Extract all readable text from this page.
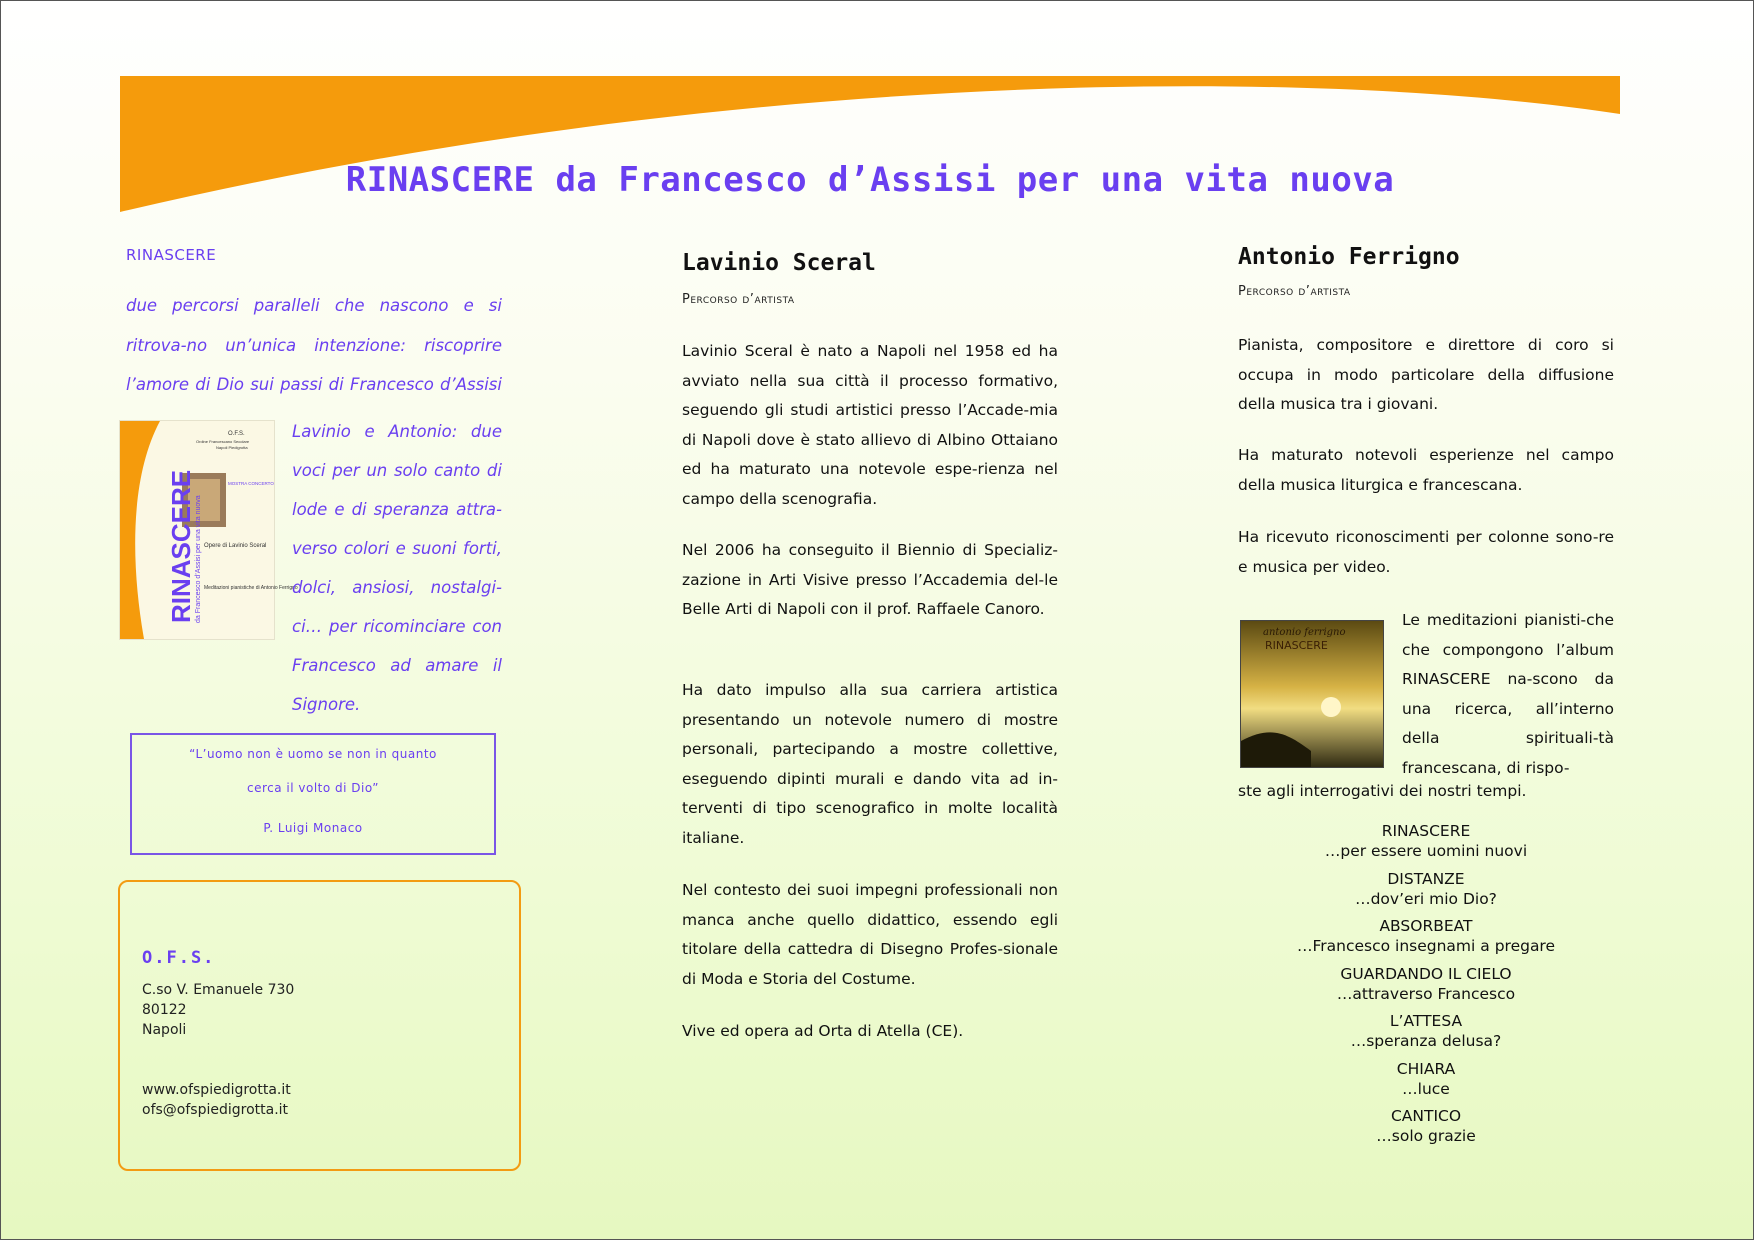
RINASCERE da Francesco d’Assisi per una vita nuova
RINASCERE

due percorsi paralleli che nascono e si ritrova-no un’unica intenzione: riscoprire l’amore di Dio sui passi di Francesco d’Assisi

RINASCERE da Francesco d’Assisi per una vita nuova
O.F.S.
Ordine Francescano Secolare
Napoli Piedigrotta
MOSTRA CONCERTO
Opere di Lavinio Sceral
Meditazioni pianistiche di Antonio Ferrigno

Lavinio e Antonio: due voci per un solo canto di lode e di speranza attra-verso colori e suoni forti, dolci, ansiosi, nostalgi-ci… per ricominciare con Francesco ad amare il Signore.

“L’uomo non è uomo se non in quanto
cerca il volto di Dio”
P. Luigi Monaco
O.F.S.
C.so V. Emanuele 730
80122
Napoli
www.ofspiedigrotta.it
ofs@ofspiedigrotta.it
Lavinio Sceral

Percorso d’artista

Lavinio Sceral è nato a Napoli nel 1958 ed ha avviato nella sua città il processo formativo, seguendo gli studi artistici presso l’Accade-mia di Napoli dove è stato allievo di Albino Ottaiano ed ha maturato una notevole espe-rienza nel campo della scenografia.

Nel 2006 ha conseguito il Biennio di Specializ-zazione in Arti Visive presso l’Accademia del-le Belle Arti di Napoli con il prof. Raffaele Canoro.

Ha dato impulso alla sua carriera artistica presentando un notevole numero di mostre personali, partecipando a mostre collettive, eseguendo dipinti murali e dando vita ad in-terventi di tipo scenografico in molte località italiane.

Nel contesto dei suoi impegni professionali non manca anche quello didattico, essendo egli titolare della cattedra di Disegno Profes-sionale di Moda e Storia del Costume.

Vive ed opera ad Orta di Atella (CE).

Antonio Ferrigno

Percorso d’artista

Pianista, compositore e direttore di coro si occupa in modo particolare della diffusione della musica tra i giovani.

Ha maturato notevoli esperienze nel campo della musica liturgica e francescana.

Ha ricevuto riconoscimenti per colonne sono-re e musica per video.

antonio ferrigno
RINASCERE

Le meditazioni pianisti-che che compongono l’album RINASCERE na-scono da una ricerca, all’interno della spirituali-tà francescana, di rispo-

ste agli interrogativi dei nostri tempi.

RINASCERE
…per essere uomini nuovi
DISTANZE
…dov’eri mio Dio?
ABSORBEAT
…Francesco insegnami a pregare
GUARDANDO IL CIELO
…attraverso Francesco
L’ATTESA
…speranza delusa?
CHIARA
…luce
CANTICO
…solo grazie
